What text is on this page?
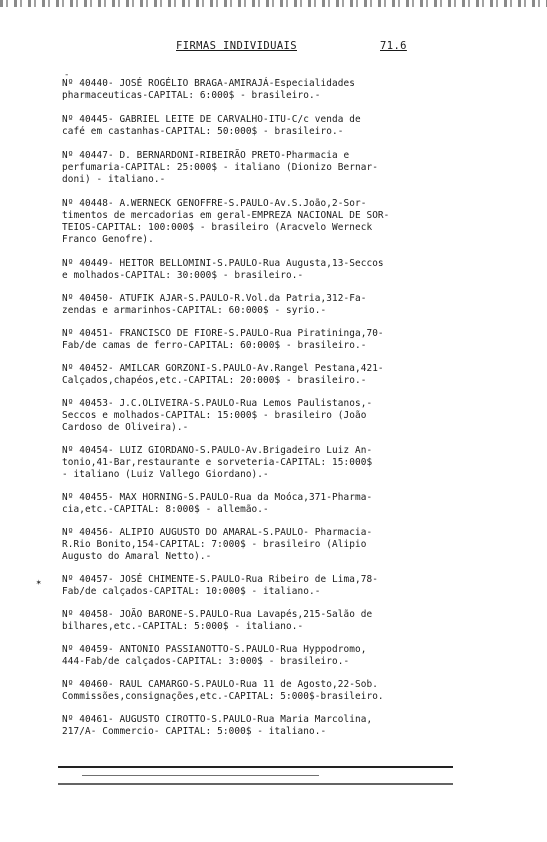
FIRMAS INDIVIDUAIS	71.6
-
✶

Nº 40440- JOSÉ ROGÉLIO BRAGA-AMIRAJÁ-Especialidades
pharmaceuticas-CAPITAL: 6:000$ - brasileiro.-

Nº 40445- GABRIEL LEITE DE CARVALHO-ITU-C/c venda de
café em castanhas-CAPITAL: 50:000$ - brasileiro.-

Nº 40447- D. BERNARDONI-RIBEIRÃO PRETO-Pharmacia e
perfumaria-CAPITAL: 25:000$ - italiano (Dionizo Bernar-
doni) - italiano.-

Nº 40448- A.WERNECK GENOFFRE-S.PAULO-Av.S.João,2-Sor-
timentos de mercadorias em geral-EMPREZA NACIONAL DE SOR-
TEIOS-CAPITAL: 100:000$ - brasileiro (Aracvelo Werneck
Franco Genofre).

Nº 40449- HEITOR BELLOMINI-S.PAULO-Rua Augusta,13-Seccos
e molhados-CAPITAL: 30:000$ - brasileiro.-

Nº 40450- ATUFIK AJAR-S.PAULO-R.Vol.da Patria,312-Fa-
zendas e armarinhos-CAPITAL: 60:000$ - syrio.-

Nº 40451- FRANCISCO DE FIORE-S.PAULO-Rua Piratininga,70-
Fab/de camas de ferro-CAPITAL: 60:000$ - brasileiro.-

Nº 40452- AMILCAR GORZONI-S.PAULO-Av.Rangel Pestana,421-
Calçados,chapéos,etc.-CAPITAL: 20:000$ - brasileiro.-

Nº 40453- J.C.OLIVEIRA-S.PAULO-Rua Lemos Paulistanos,-
Seccos e molhados-CAPITAL: 15:000$ - brasileiro (João
Cardoso de Oliveira).-

Nº 40454- LUIZ GIORDANO-S.PAULO-Av.Brigadeiro Luiz An-
tonio,41-Bar,restaurante e sorveteria-CAPITAL: 15:000$
- italiano (Luiz Vallego Giordano).-

Nº 40455- MAX HORNING-S.PAULO-Rua da Moóca,371-Pharma-
cia,etc.-CAPITAL: 8:000$ - allemão.-

Nº 40456- ALIPIO AUGUSTO DO AMARAL-S.PAULO- Pharmacia-
R.Rio Bonito,154-CAPITAL: 7:000$ - brasileiro (Alipio
Augusto do Amaral Netto).-

Nº 40457- JOSÉ CHIMENTE-S.PAULO-Rua Ribeiro de Lima,78-
Fab/de calçados-CAPITAL: 10:000$ - italiano.-

Nº 40458- JOÃO BARONE-S.PAULO-Rua Lavapés,215-Salão de
bilhares,etc.-CAPITAL: 5:000$ - italiano.-

Nº 40459- ANTONIO PASSIANOTTO-S.PAULO-Rua Hyppodromo,
444-Fab/de calçados-CAPITAL: 3:000$ - brasileiro.-

Nº 40460- RAUL CAMARGO-S.PAULO-Rua 11 de Agosto,22-Sob.
Commissões,consignações,etc.-CAPITAL: 5:000$-brasileiro.

Nº 40461- AUGUSTO CIROTTO-S.PAULO-Rua Maria Marcolina,
217/A- Commercio- CAPITAL: 5:000$ - italiano.-
